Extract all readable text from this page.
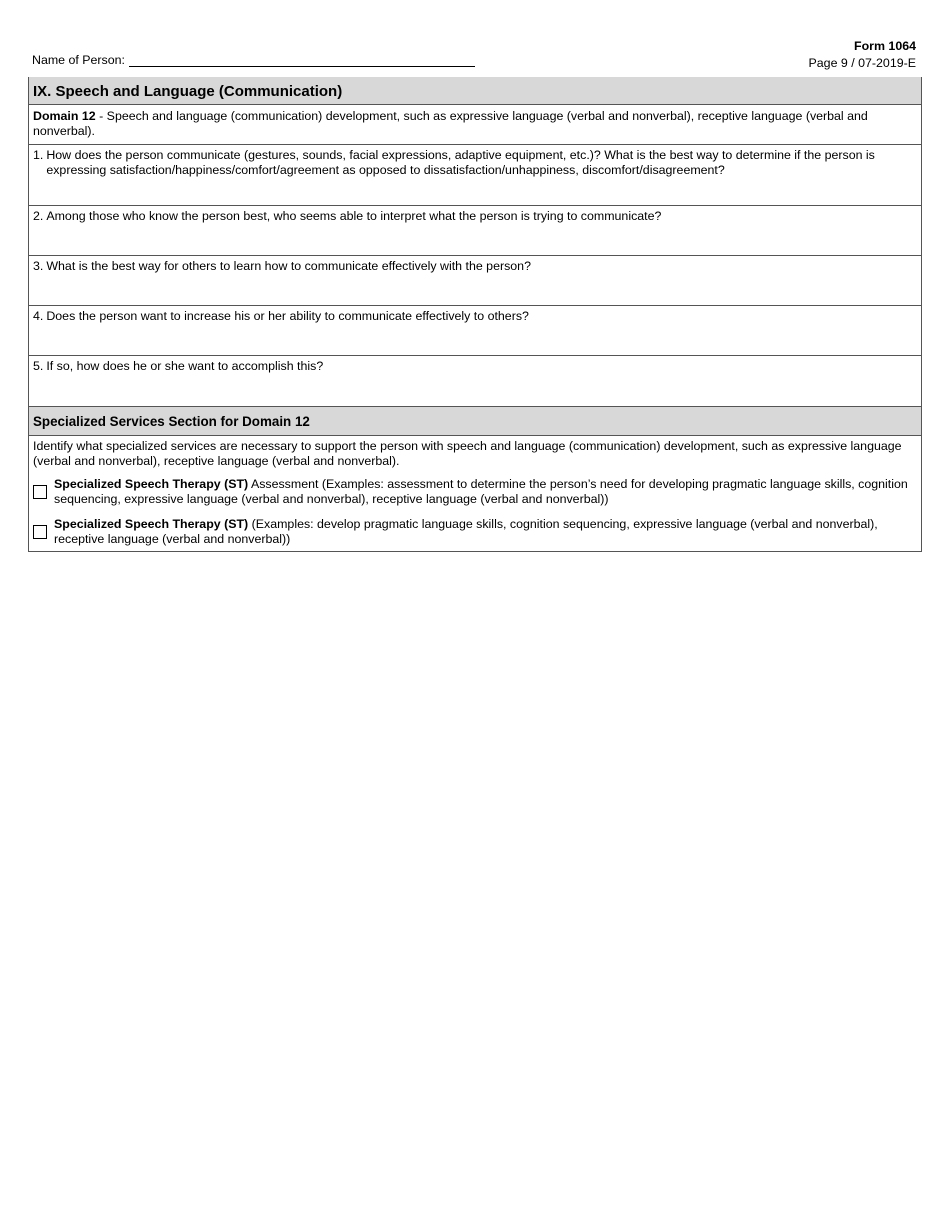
Form 1064
Page 9 / 07-2019-E
Name of Person:
IX. Speech and Language (Communication)
Domain 12 - Speech and language (communication) development, such as expressive language (verbal and nonverbal), receptive language (verbal and nonverbal).
1. How does the person communicate (gestures, sounds, facial expressions, adaptive equipment, etc.)? What is the best way to determine if the person is expressing satisfaction/happiness/comfort/agreement as opposed to dissatisfaction/unhappiness, discomfort/disagreement?
2. Among those who know the person best, who seems able to interpret what the person is trying to communicate?
3. What is the best way for others to learn how to communicate effectively with the person?
4. Does the person want to increase his or her ability to communicate effectively to others?
5. If so, how does he or she want to accomplish this?
Specialized Services Section for Domain 12
Identify what specialized services are necessary to support the person with speech and language (communication) development, such as expressive language (verbal and nonverbal), receptive language (verbal and nonverbal).
Specialized Speech Therapy (ST) Assessment (Examples: assessment to determine the person’s need for developing pragmatic language skills, cognition sequencing, expressive language (verbal and nonverbal), receptive language (verbal and nonverbal))
Specialized Speech Therapy (ST) (Examples: develop pragmatic language skills, cognition sequencing, expressive language (verbal and nonverbal), receptive language (verbal and nonverbal))
